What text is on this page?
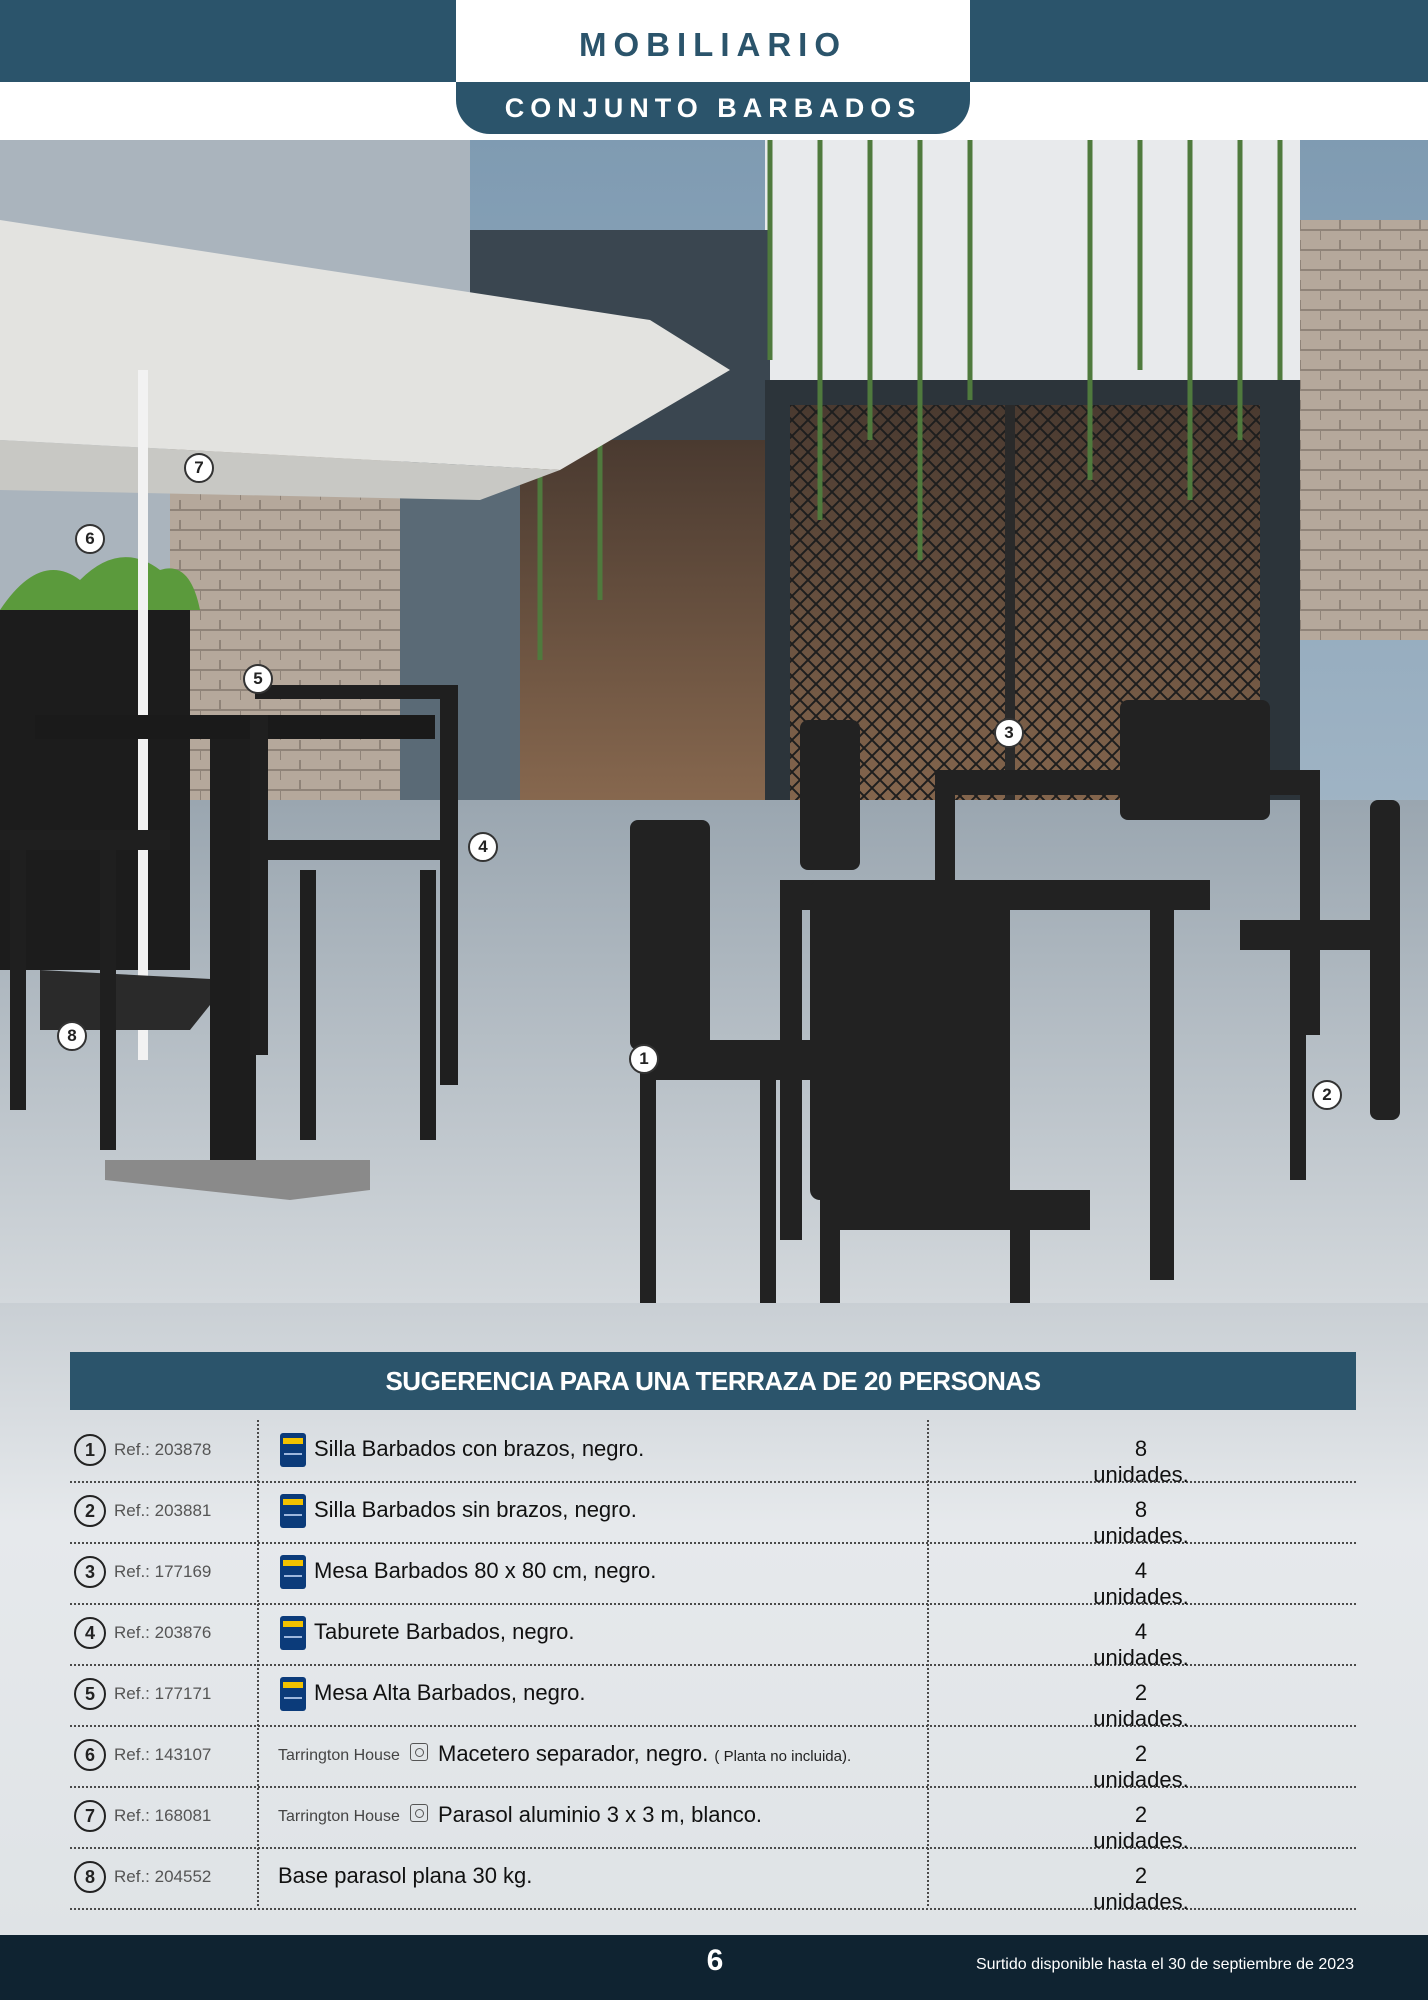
MOBILIARIO
CONJUNTO BARBADOS
1
2
3
4
5
6
7
8
SUGERENCIA PARA UNA TERRAZA DE 20 PERSONAS
1	Ref.: 203878	Silla Barbados con brazos, negro.	8 unidades.
2	Ref.: 203881	Silla Barbados sin brazos, negro.	8 unidades.
3	Ref.: 177169	Mesa Barbados 80 x 80 cm, negro.	4 unidades.
4	Ref.: 203876	Taburete Barbados, negro.	4 unidades.
5	Ref.: 177171	Mesa Alta Barbados, negro.	2 unidades.
6	Ref.: 143107	Tarrington House Macetero separador, negro. ( Planta no incluida).	2 unidades.
7	Ref.: 168081	Tarrington House Parasol aluminio 3 x 3 m, blanco.	2 unidades.
8	Ref.: 204552	Base parasol plana 30 kg.	2 unidades.
6	Surtido disponible hasta el 30 de septiembre de 2023
